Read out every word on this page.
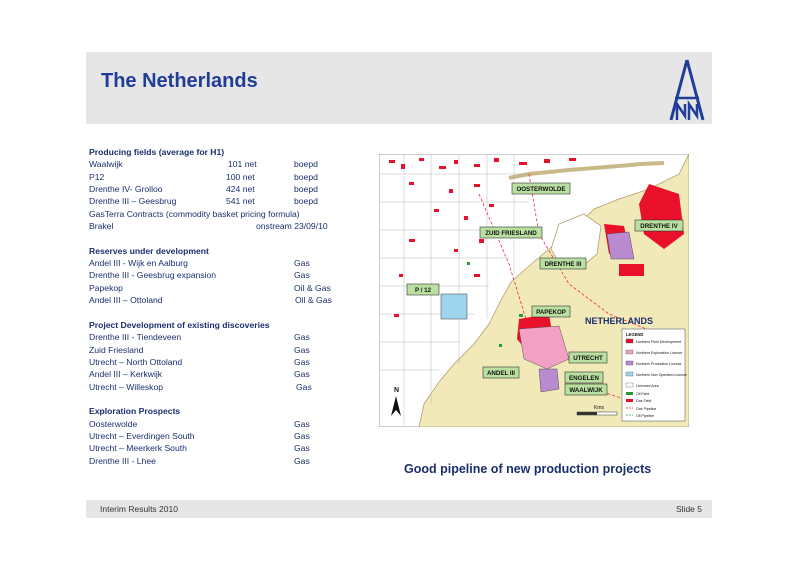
The Netherlands
Producing fields (average for H1)
Waalwijk	101 net	boepd
P12	100 net	boepd
Drenthe IV- Grolloo	424 net	boepd
Drenthe III – Geesbrug	541 net	boepd
GasTerra Contracts (commodity basket pricing formula)
Brakel	onstream 23/09/10
Reserves under development
Andel III - Wijk en Aalburg	Gas
Drenthe III - Geesbrug expansion	Gas
Papekop	Oil & Gas
Andel III – Ottoland	Oil & Gas
Project Development of existing discoveries
Drenthe III - Tiendeveen	Gas
Zuid Friesland	Gas
Utrecht – North Ottoland	Gas
Andel III – Kerkwijk	Gas
Utrecht – Willeskop	Gas
Exploration Prospects
Oosterwolde	Gas
Utrecht – Everdingen South	Gas
Utrecht – Meerkerk South	Gas
Drenthe III - Lhee	Gas
OOSTERWOLDE
ZUID FRIESLAND
DRENTHE IV
DRENTHE III
P / 12
PAPEKOP
NETHERLANDS
UTRECHT
ANDEL III
ENGELEN
WAALWIJK
N
Kms
LEGEND
Northern Field Development
Northern Exploration Licence
Northern Production Licence
Northern Non Operated Licence
Licenced Area
Oil Field
Gas Field
Gas Pipeline
Oil Pipeline
Good pipeline of new production projects
Interim Results 2010	Slide 5
